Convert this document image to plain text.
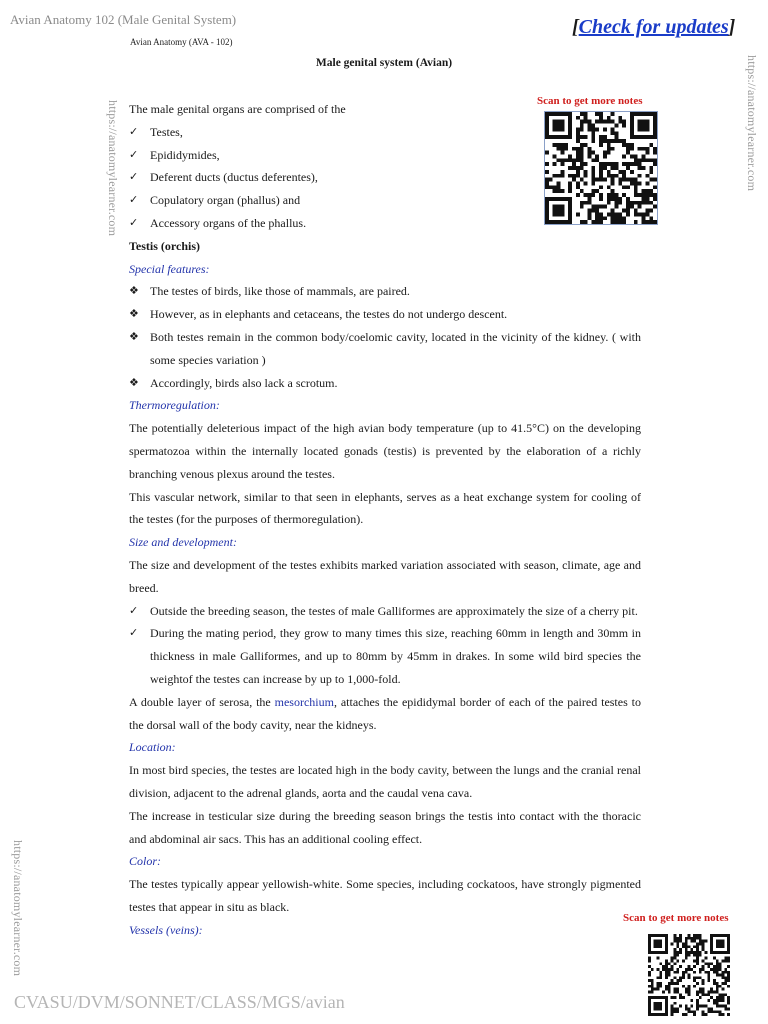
Avian Anatomy 102 (Male Genital System)
Avian Anatomy (AVA - 102)
[Check for updates]
Male genital system (Avian)
https://anatomylearner.com	https://anatomylearner.com
https://anatomylearner.com
CVASU/DVM/SONNET/CLASS/MGS/avian
Scan to get more notes
Scan to get more notes

The male genital organs are comprised of the

✓ Testes,
✓ Epididymides,
✓ Deferent ducts (ductus deferentes),
✓ Copulatory organ (phallus) and
✓ Accessory organs of the phallus.

Testis (orchis)

Special features:

❖ The testes of birds, like those of mammals, are paired.
❖ However, as in elephants and cetaceans, the testes do not undergo descent.
❖ Both testes remain in the common body/coelomic cavity, located in the vicinity of the kidney. ( with some species variation )
❖ Accordingly, birds also lack a scrotum.

Thermoregulation:

The potentially deleterious impact of the high avian body temperature (up to 41.5°C) on the developing spermatozoa within the internally located gonads (testis) is prevented by the elaboration of a richly branching venous plexus around the testes.

This vascular network, similar to that seen in elephants, serves as a heat exchange system for cooling of the testes (for the purposes of thermoregulation).

Size and development:

The size and development of the testes exhibits marked variation associated with season, climate, age and breed.

✓ Outside the breeding season, the testes of male Galliformes are approximately the size of a cherry pit.
✓ During the mating period, they grow to many times this size, reaching 60mm in length and 30mm in thickness in male Galliformes, and up to 80mm by 45mm in drakes. In some wild bird species the weightof the testes can increase by up to 1,000-fold.

A double layer of serosa, the mesorchium, attaches the epididymal border of each of the paired testes to the dorsal wall of the body cavity, near the kidneys.

Location:

In most bird species, the testes are located high in the body cavity, between the lungs and the cranial renal division, adjacent to the adrenal glands, aorta and the caudal vena cava.

The increase in testicular size during the breeding season brings the testis into contact with the thoracic and abdominal air sacs. This has an additional cooling effect.

Color:

The testes typically appear yellowish-white. Some species, including cockatoos, have strongly pigmented testes that appear in situ as black.

Vessels (veins):
